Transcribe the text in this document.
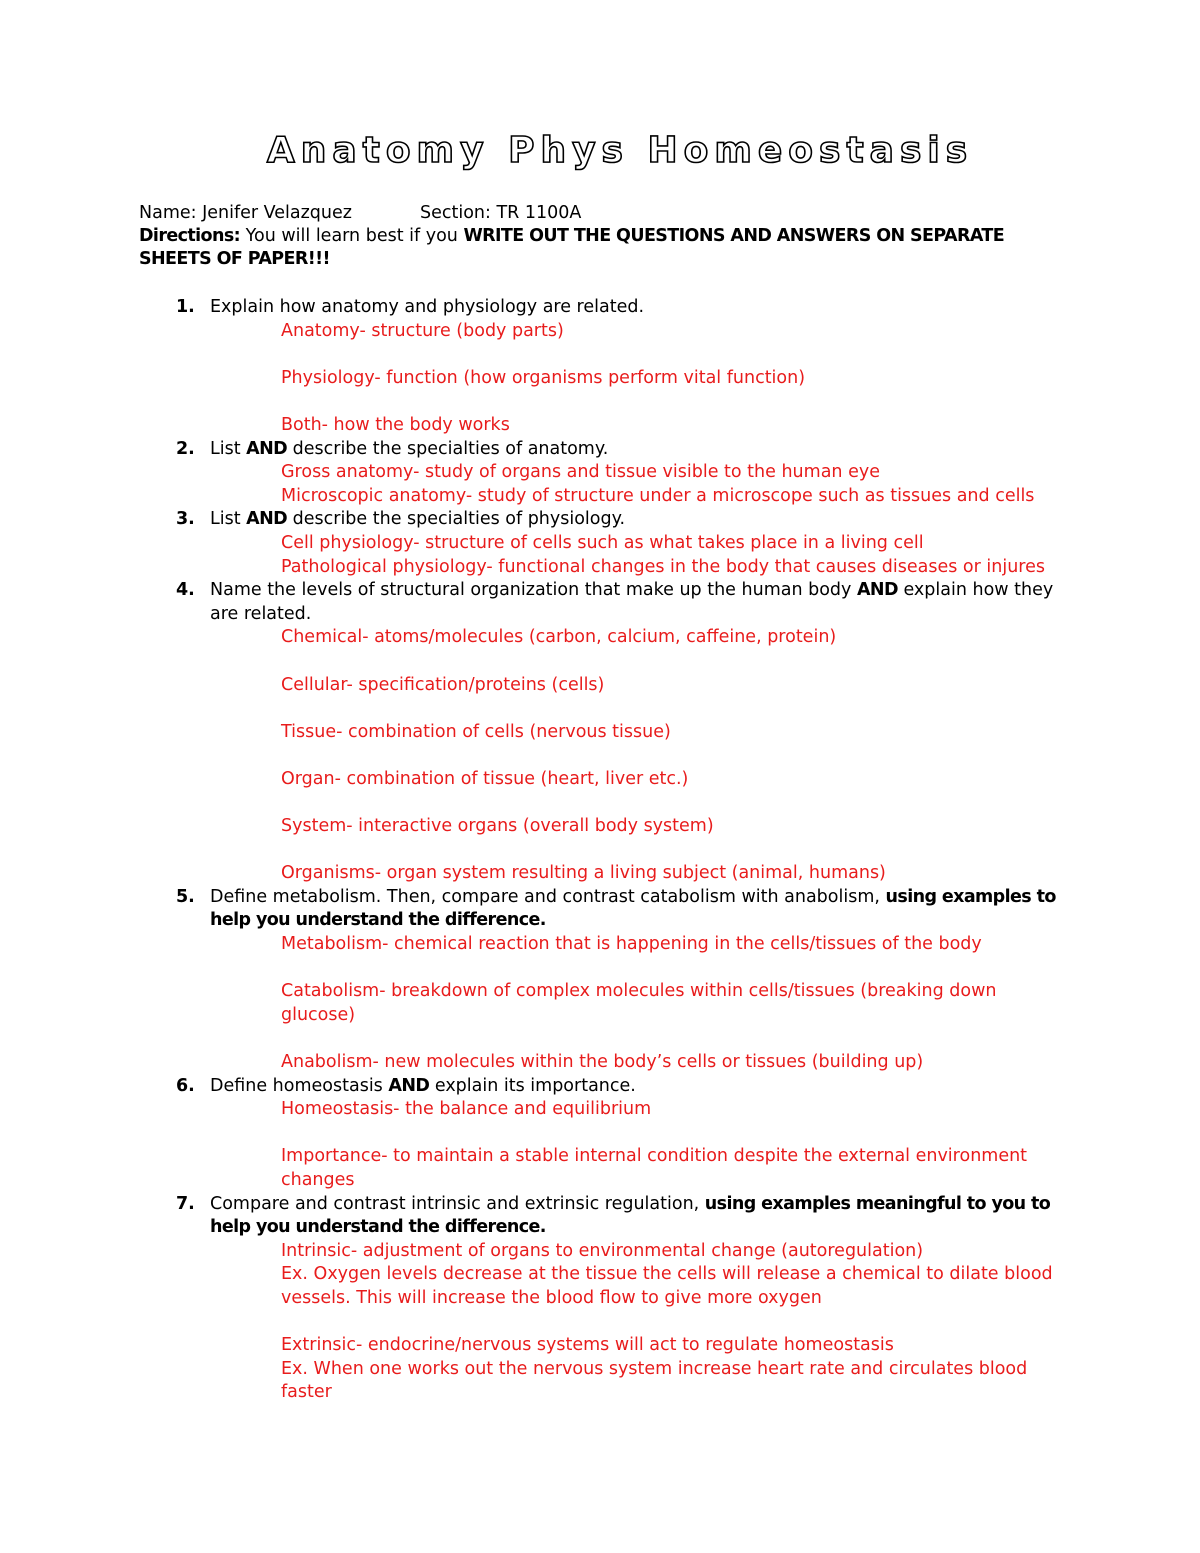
Anatomy Phys Homeostasis
Name: Jenifer Velazquez	Section: TR 1100A
Directions: You will learn best if you WRITE OUT THE QUESTIONS AND ANSWERS ON SEPARATE SHEETS OF PAPER!!!
1. Explain how anatomy and physiology are related.
Anatomy- structure (body parts)
Physiology- function (how organisms perform vital function)
Both- how the body works
2. List AND describe the specialties of anatomy.
Gross anatomy- study of organs and tissue visible to the human eye
Microscopic anatomy- study of structure under a microscope such as tissues and cells
3. List AND describe the specialties of physiology.
Cell physiology- structure of cells such as what takes place in a living cell
Pathological physiology- functional changes in the body that causes diseases or injures
4. Name the levels of structural organization that make up the human body AND explain how they are related.
Chemical- atoms/molecules (carbon, calcium, caffeine, protein)
Cellular- specification/proteins (cells)
Tissue- combination of cells (nervous tissue)
Organ- combination of tissue (heart, liver etc.)
System- interactive organs (overall body system)
Organisms- organ system resulting a living subject (animal, humans)
5. Define metabolism. Then, compare and contrast catabolism with anabolism, using examples to help you understand the difference.
Metabolism- chemical reaction that is happening in the cells/tissues of the body
Catabolism- breakdown of complex molecules within cells/tissues (breaking down glucose)
Anabolism- new molecules within the body’s cells or tissues (building up)
6. Define homeostasis AND explain its importance.
Homeostasis- the balance and equilibrium
Importance- to maintain a stable internal condition despite the external environment changes
7. Compare and contrast intrinsic and extrinsic regulation, using examples meaningful to you to help you understand the difference.
Intrinsic- adjustment of organs to environmental change (autoregulation)
Ex. Oxygen levels decrease at the tissue the cells will release a chemical to dilate blood vessels. This will increase the blood flow to give more oxygen
Extrinsic- endocrine/nervous systems will act to regulate homeostasis
Ex. When one works out the nervous system increase heart rate and circulates blood faster
